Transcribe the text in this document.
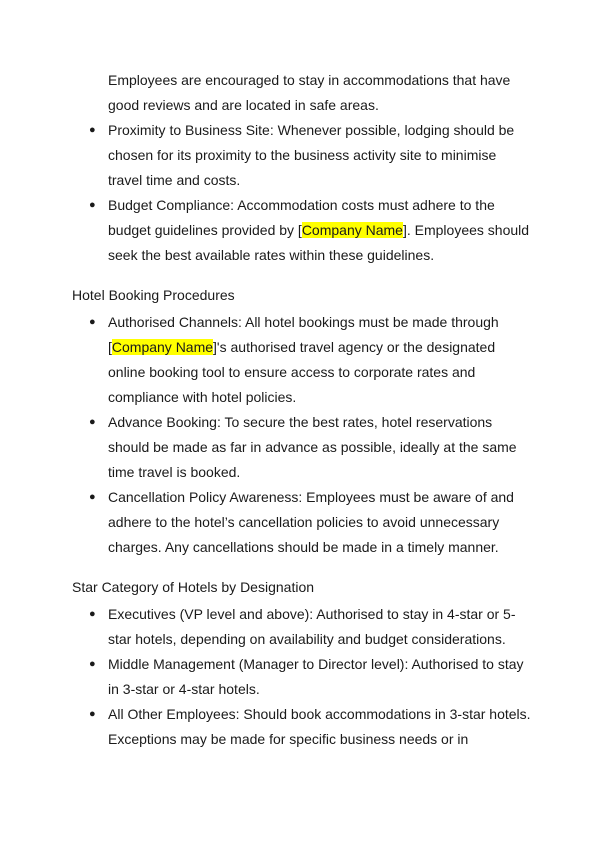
Employees are encouraged to stay in accommodations that have good reviews and are located in safe areas.

● Proximity to Business Site: Whenever possible, lodging should be chosen for its proximity to the business activity site to minimise travel time and costs.
● Budget Compliance: Accommodation costs must adhere to the budget guidelines provided by [Company Name]. Employees should seek the best available rates within these guidelines.

Hotel Booking Procedures

● Authorised Channels: All hotel bookings must be made through [Company Name]'s authorised travel agency or the designated online booking tool to ensure access to corporate rates and compliance with hotel policies.
● Advance Booking: To secure the best rates, hotel reservations should be made as far in advance as possible, ideally at the same time travel is booked.
● Cancellation Policy Awareness: Employees must be aware of and adhere to the hotel’s cancellation policies to avoid unnecessary charges. Any cancellations should be made in a timely manner.

Star Category of Hotels by Designation

● Executives (VP level and above): Authorised to stay in 4-star or 5-star hotels, depending on availability and budget considerations.
● Middle Management (Manager to Director level): Authorised to stay in 3-star or 4-star hotels.
● All Other Employees: Should book accommodations in 3-star hotels. Exceptions may be made for specific business needs or in
